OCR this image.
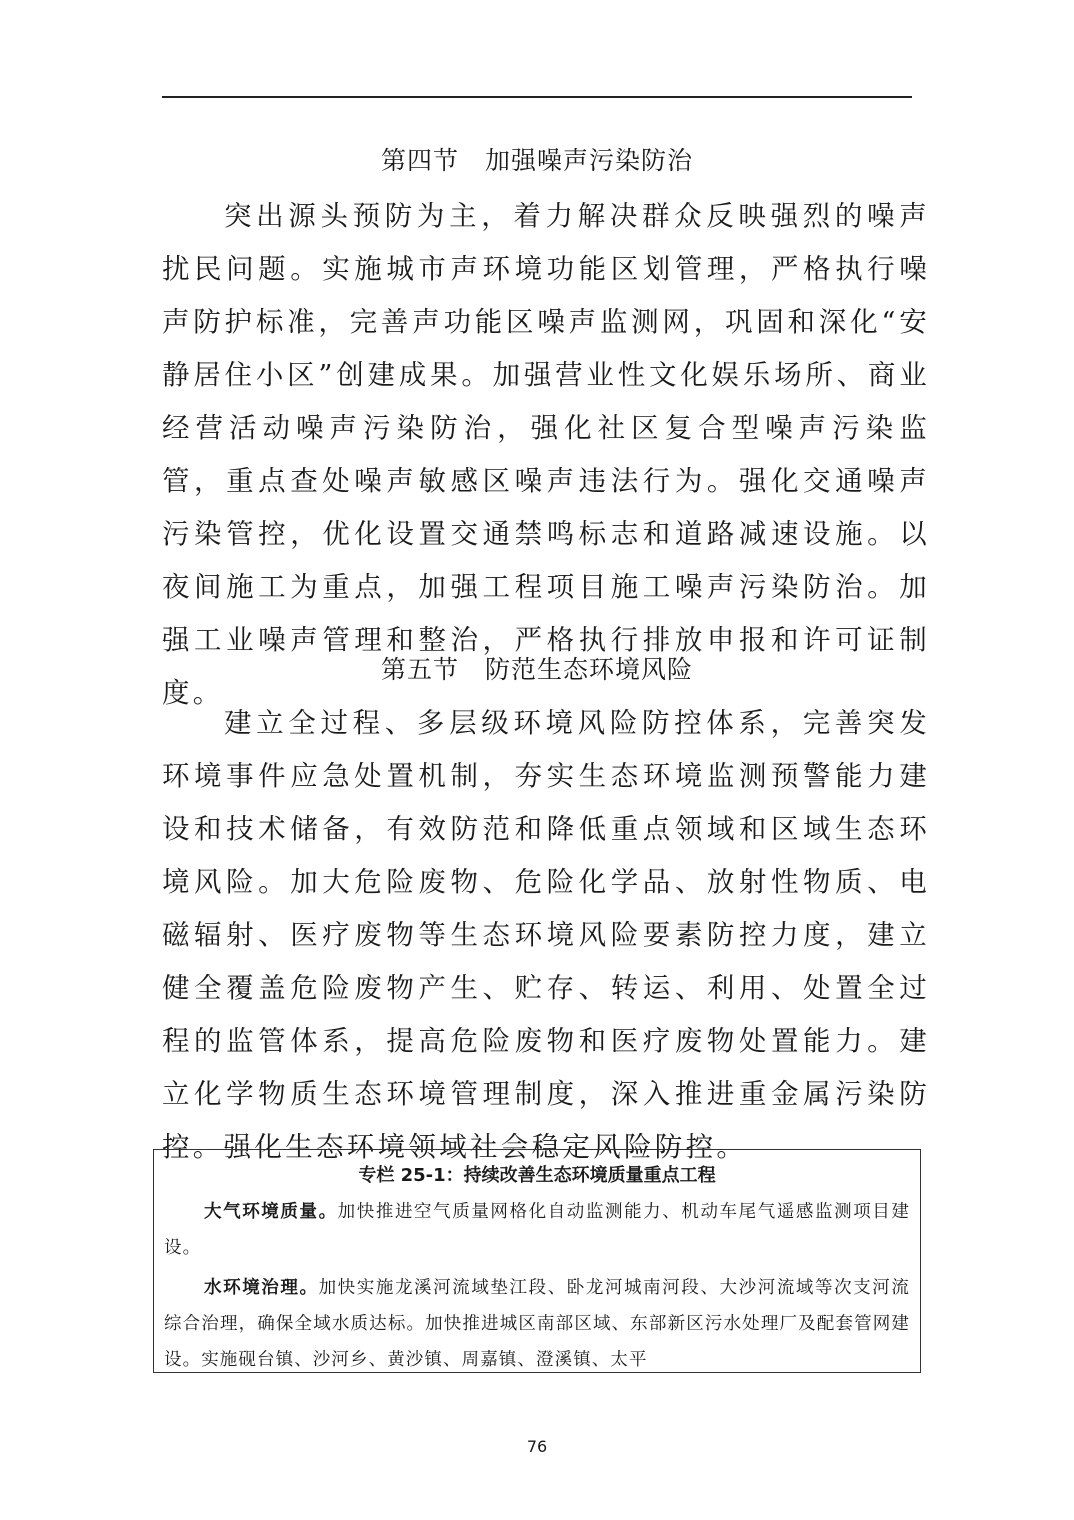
第四节　加强噪声污染防治

突出源头预防为主，着力解决群众反映强烈的噪声扰民问题。实施城市声环境功能区划管理，严格执行噪声防护标准，完善声功能区噪声监测网，巩固和深化“安静居住小区”创建成果。加强营业性文化娱乐场所、商业经营活动噪声污染防治，强化社区复合型噪声污染监管，重点查处噪声敏感区噪声违法行为。强化交通噪声污染管控，优化设置交通禁鸣标志和道路减速设施。以夜间施工为重点，加强工程项目施工噪声污染防治。加强工业噪声管理和整治，严格执行排放申报和许可证制度。

第五节　防范生态环境风险

建立全过程、多层级环境风险防控体系，完善突发环境事件应急处置机制，夯实生态环境监测预警能力建设和技术储备，有效防范和降低重点领域和区域生态环境风险。加大危险废物、危险化学品、放射性物质、电磁辐射、医疗废物等生态环境风险要素防控力度，建立健全覆盖危险废物产生、贮存、转运、利用、处置全过程的监管体系，提高危险废物和医疗废物处置能力。建立化学物质生态环境管理制度，深入推进重金属污染防控。强化生态环境领域社会稳定风险防控。

专栏 25-1：持续改善生态环境质量重点工程

大气环境质量。加快推进空气质量网格化自动监测能力、机动车尾气遥感监测项目建设。

水环境治理。加快实施龙溪河流域垫江段、卧龙河城南河段、大沙河流域等次支河流综合治理，确保全域水质达标。加快推进城区南部区域、东部新区污水处理厂及配套管网建设。实施砚台镇、沙河乡、黄沙镇、周嘉镇、澄溪镇、太平

76
